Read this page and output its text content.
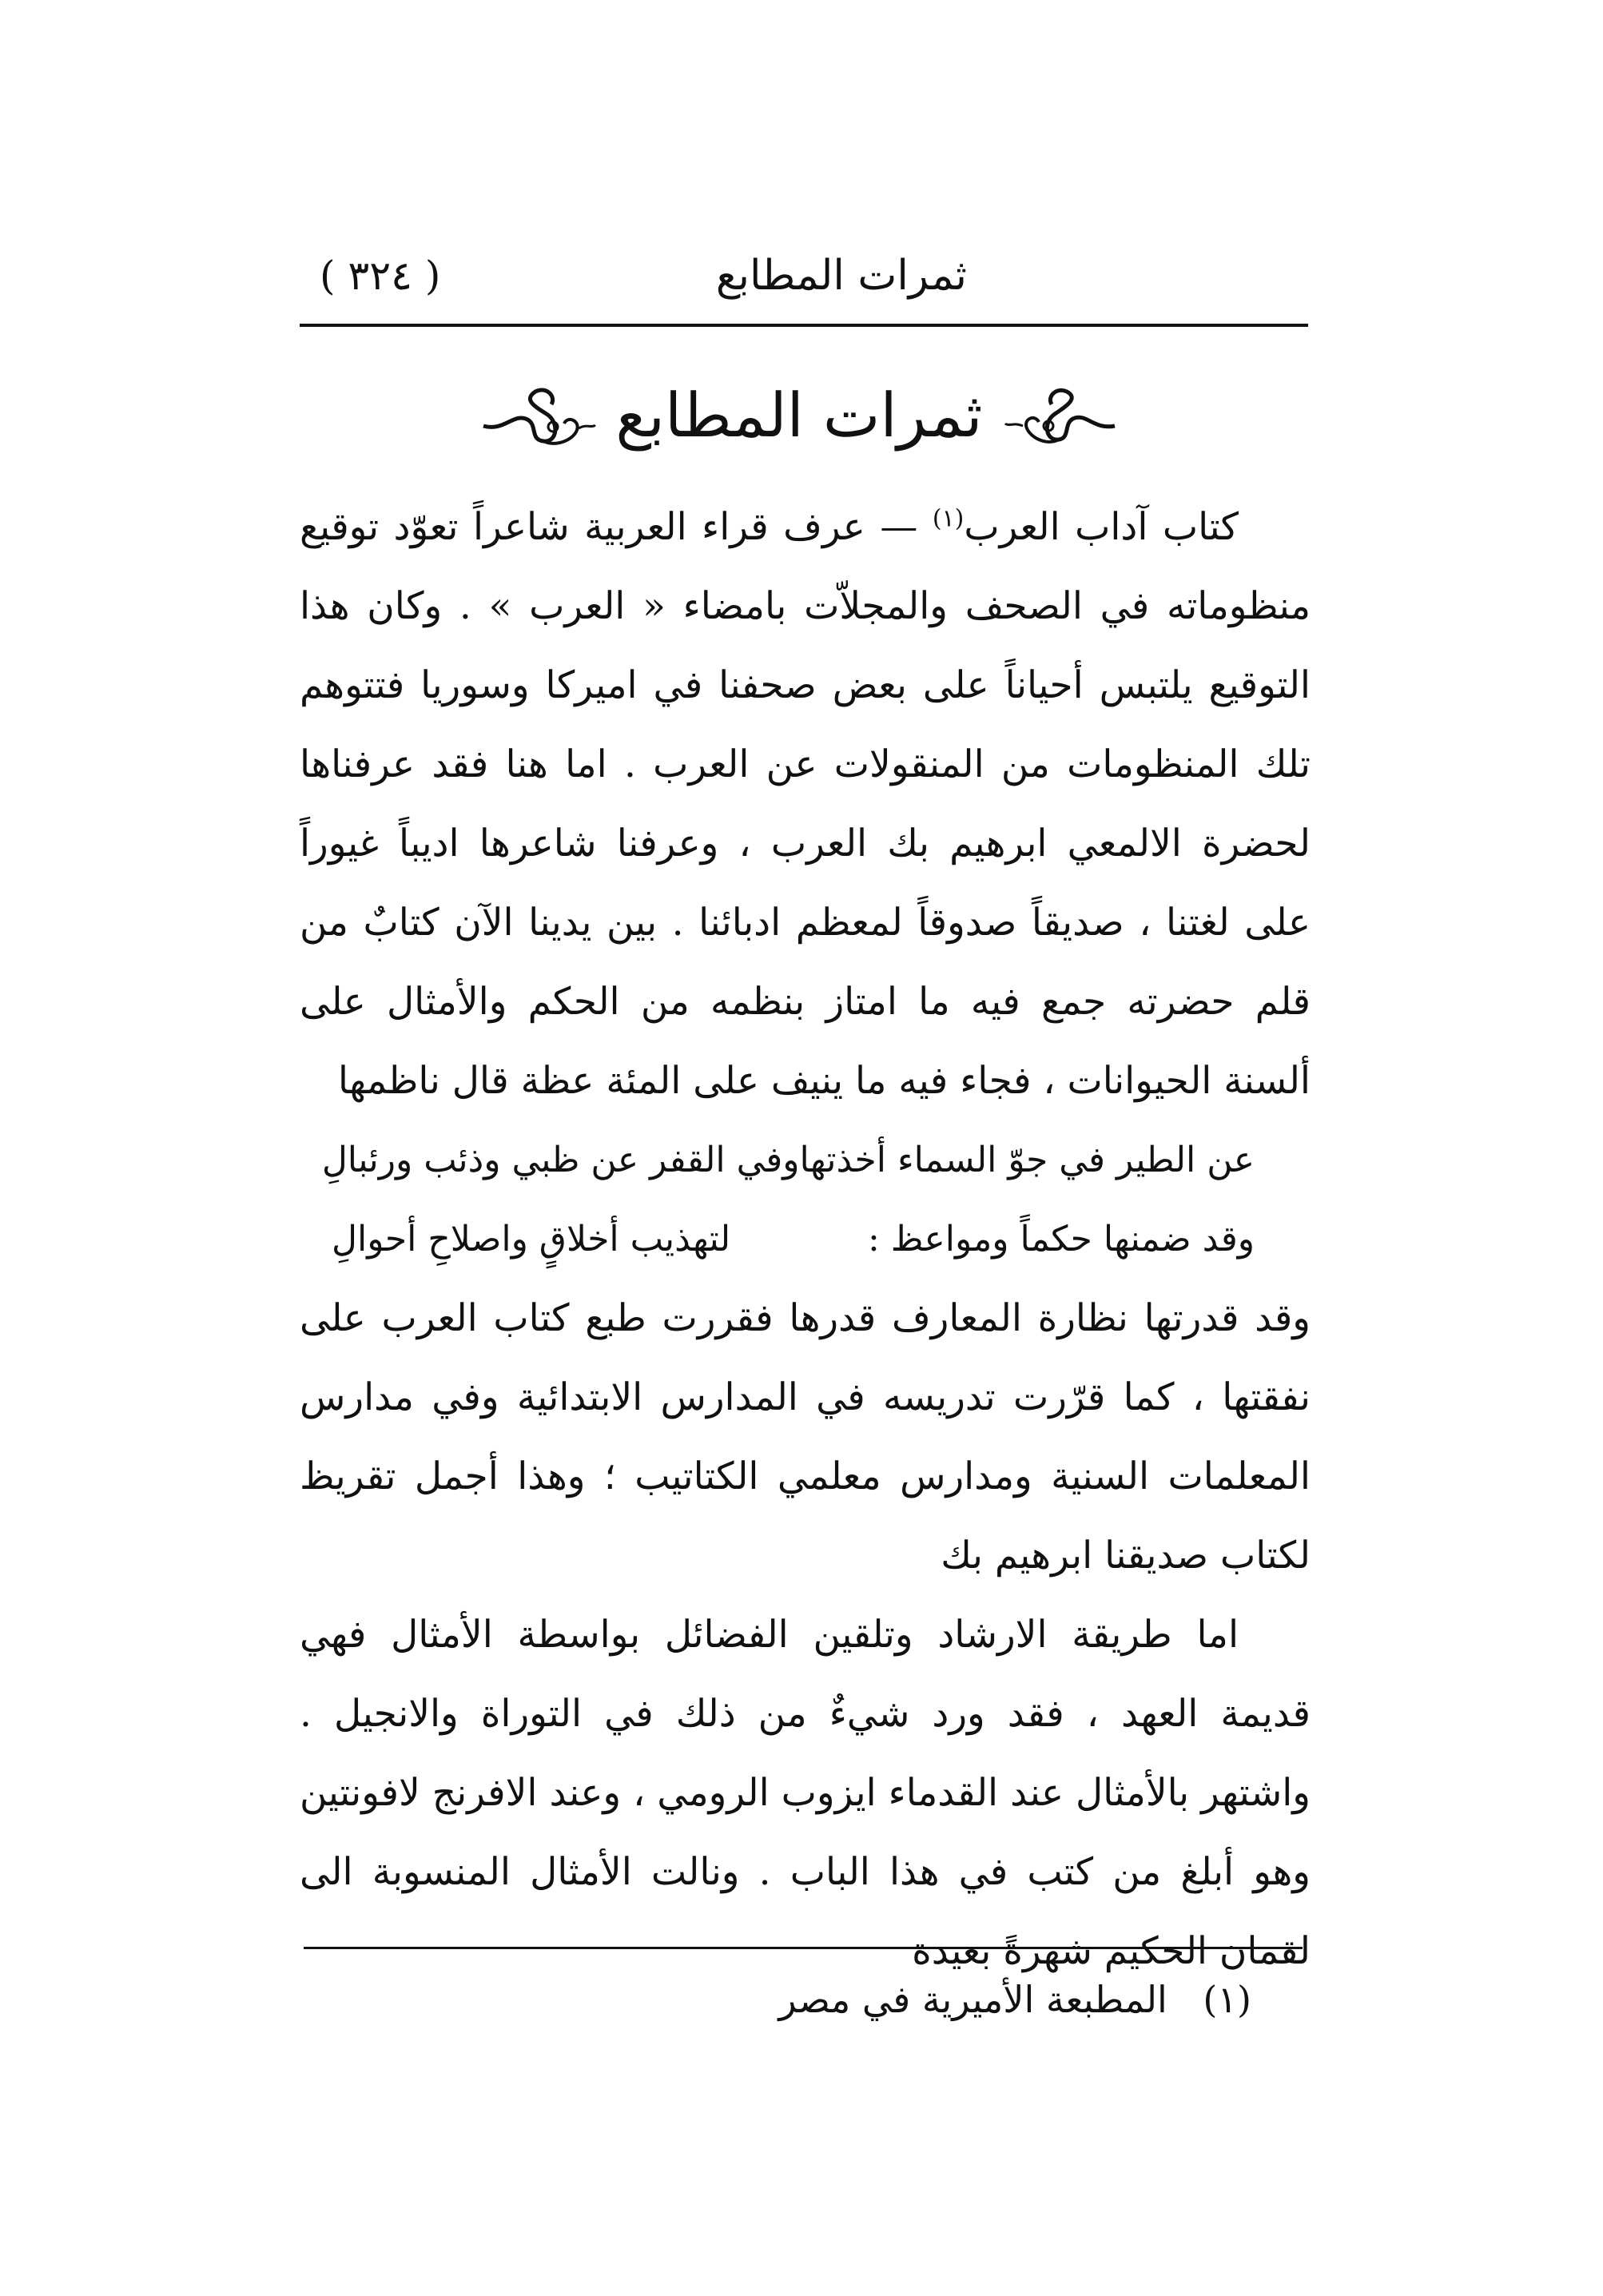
ثمرات المطابع
( ٣٢٤ )
ثمرات المطابع

كتاب آداب العرب$^{(١)}$ — عرف قراء العربية شاعراً تعوّد توقيع منظوماته في الصحف والمجلاّت بامضاء « العرب » . وكان هذا التوقيع يلتبس أحياناً على بعض صحفنا في اميركا وسوريا فتتوهم تلك المنظومات من المنقولات عن العرب . اما هنا فقد عرفناها لحضرة الالمعي ابرهيم بك العرب ، وعرفنا شاعرها اديباً غيوراً على لغتنا ، صديقاً صدوقاً لمعظم ادبائنا . بين يدينا الآن كتابٌ من قلم حضرته جمع فيه ما امتاز بنظمه من الحكم والأمثال على ألسنة الحيوانات ، فجاء فيه ما ينيف على المئة عظة قال ناظمها

عن الطير في جوّ السماء أخذتها
وفي القفر عن ظبي وذئب ورئبالِ
وقد ضمنها حكماً ومواعظ :
لتهذيب أخلاقٍ واصلاحِ أحوالِ

وقد قدرتها نظارة المعارف قدرها فقررت طبع كتاب العرب على نفقتها ، كما قرّرت تدريسه في المدارس الابتدائية وفي مدارس المعلمات السنية ومدارس معلمي الكتاتيب ؛ وهذا أجمل تقريظ لكتاب صديقنا ابرهيم بك

اما طريقة الارشاد وتلقين الفضائل بواسطة الأمثال فهي قديمة العهد ، فقد ورد شيءٌ من ذلك في التوراة والانجيل . واشتهر بالأمثال عند القدماء ايزوب الرومي ، وعند الافرنج لافونتين وهو أبلغ من كتب في هذا الباب . ونالت الأمثال المنسوبة الى لقمان الحكيم شهرةً بعيدة

(١) المطبعة الأميرية في مصر
